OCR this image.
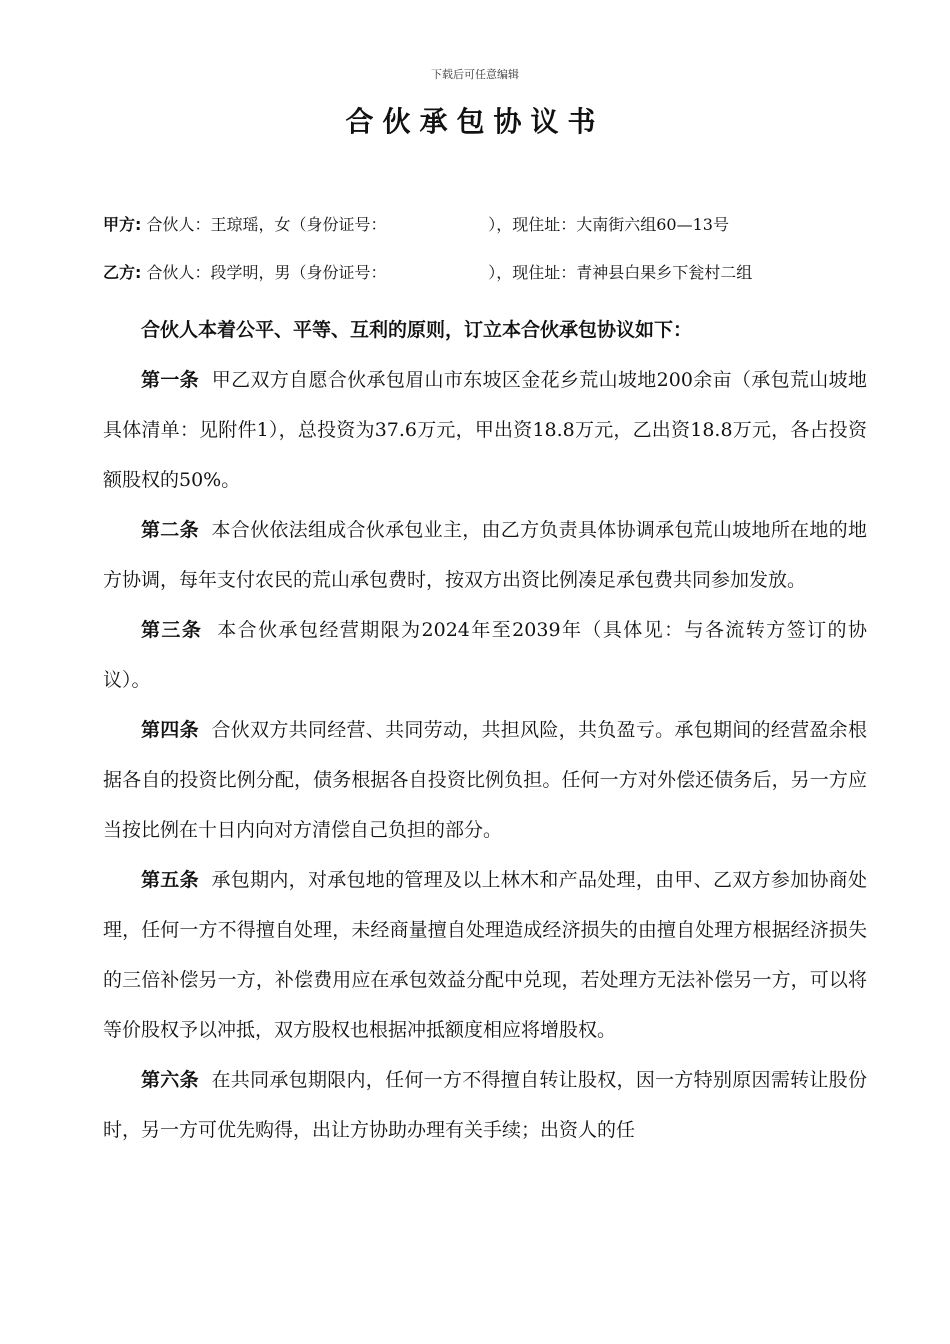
下载后可任意编辑
合伙承包协议书
甲方: 合伙人：王琼瑶，女（身份证号：                    ），现住址：大南街六组60—13号
乙方: 合伙人：段学明，男（身份证号：                    ），现住址：青神县白果乡下瓮村二组

合伙人本着公平、平等、互利的原则，订立本合伙承包协议如下：

第一条 甲乙双方自愿合伙承包眉山市东坡区金花乡荒山坡地200余亩（承包荒山坡地具体清单：见附件1），总投资为37.6万元，甲出资18.8万元，乙出资18.8万元，各占投资额股权的50%。

第二条 本合伙依法组成合伙承包业主，由乙方负责具体协调承包荒山坡地所在地的地方协调，每年支付农民的荒山承包费时，按双方出资比例凑足承包费共同参加发放。

第三条 本合伙承包经营期限为2024年至2039年（具体见：与各流转方签订的协议）。

第四条 合伙双方共同经营、共同劳动，共担风险，共负盈亏。承包期间的经营盈余根据各自的投资比例分配，债务根据各自投资比例负担。任何一方对外偿还债务后，另一方应当按比例在十日内向对方清偿自己负担的部分。

第五条 承包期内，对承包地的管理及以上林木和产品处理，由甲、乙双方参加协商处理，任何一方不得擅自处理，未经商量擅自处理造成经济损失的由擅自处理方根据经济损失的三倍补偿另一方，补偿费用应在承包效益分配中兑现，若处理方无法补偿另一方，可以将等价股权予以冲抵，双方股权也根据冲抵额度相应将增股权。

第六条 在共同承包期限内，任何一方不得擅自转让股权，因一方特别原因需转让股份时，另一方可优先购得，出让方协助办理有关手续；出资人的任
